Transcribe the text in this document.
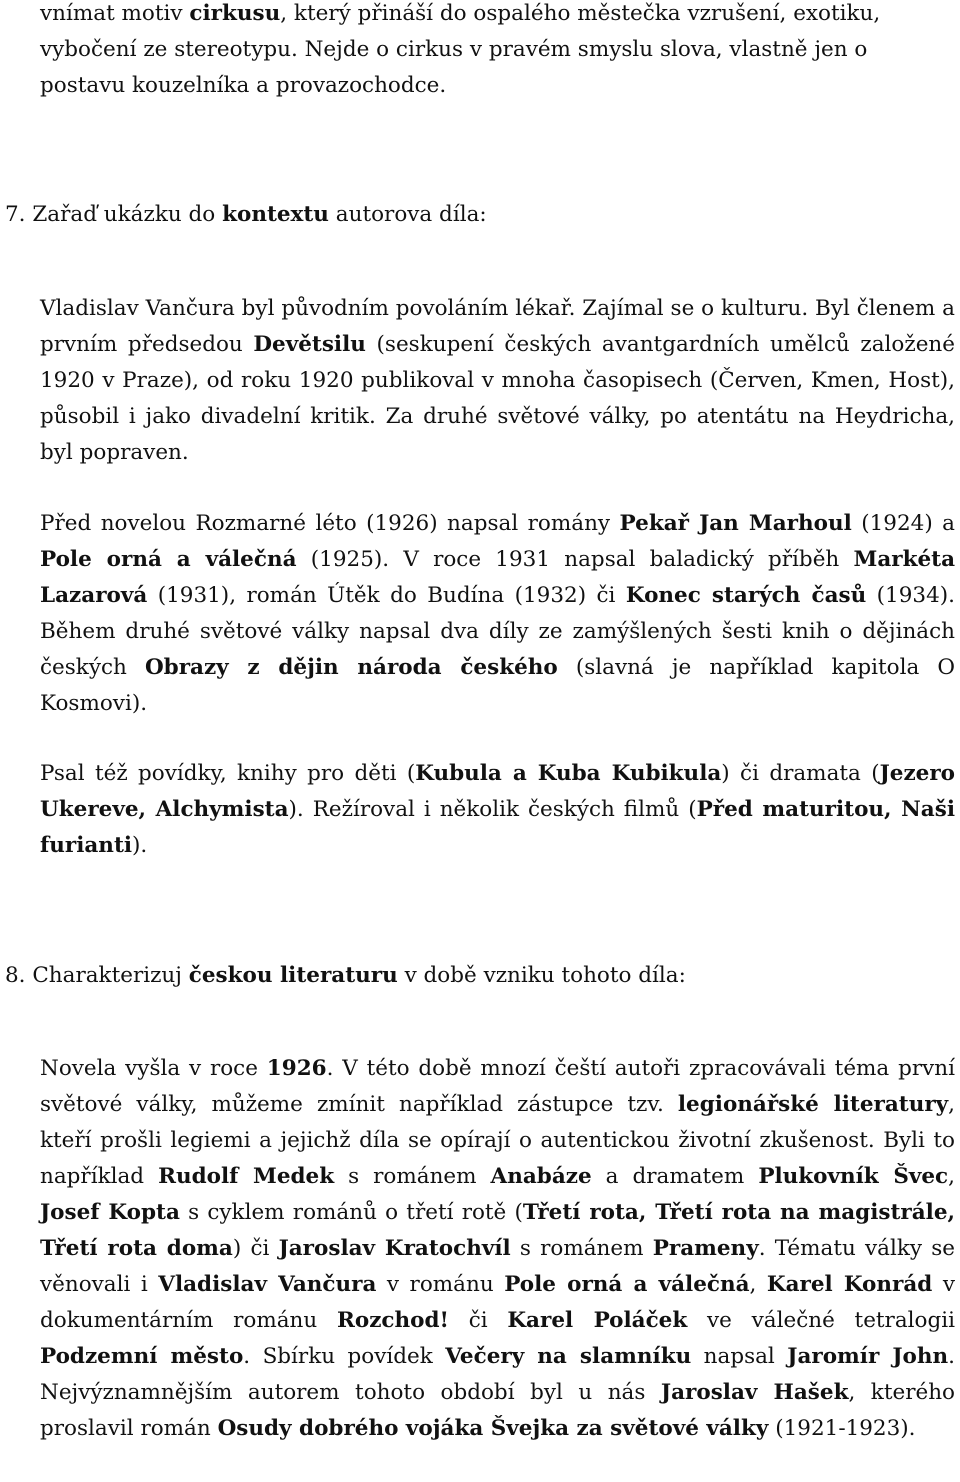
vnímat motiv cirkusu, který přináší do ospalého městečka vzrušení, exotiku,
vybočení ze stereotypu. Nejde o cirkus v pravém smyslu slova, vlastně jen o
postavu kouzelníka a provazochodce.
7. Zařaď ukázku do kontextu autorova díla:
Vladislav Vančura byl původním povoláním lékař. Zajímal se o kulturu. Byl členem a prvním předsedou Devětsilu (seskupení českých avantgardních umělců založené 1920 v Praze), od roku 1920 publikoval v mnoha časopisech (Červen, Kmen, Host), působil i jako divadelní kritik. Za druhé světové války, po atentátu na Heydricha, byl popraven.
Před novelou Rozmarné léto (1926) napsal romány Pekař Jan Marhoul (1924) a Pole orná a válečná (1925). V roce 1931 napsal baladický příběh Markéta Lazarová (1931), román Útěk do Budína (1932) či Konec starých časů (1934). Během druhé světové války napsal dva díly ze zamýšlených šesti knih o dějinách českých Obrazy z dějin národa českého (slavná je například kapitola O Kosmovi).
Psal též povídky, knihy pro děti (Kubula a Kuba Kubikula) či dramata (Jezero Ukereve, Alchymista). Režíroval i několik českých filmů (Před maturitou, Naši furianti).
8. Charakterizuj českou literaturu v době vzniku tohoto díla:
Novela vyšla v roce 1926. V této době mnozí čeští autoři zpracovávali téma první světové války, můžeme zmínit například zástupce tzv. legionářské literatury, kteří prošli legiemi a jejichž díla se opírají o autentickou životní zkušenost. Byli to například Rudolf Medek s románem Anabáze a dramatem Plukovník Švec, Josef Kopta s cyklem románů o třetí rotě (Třetí rota, Třetí rota na magistrále, Třetí rota doma) či Jaroslav Kratochvíl s románem Prameny. Tématu války se věnovali i Vladislav Vančura v románu Pole orná a válečná, Karel Konrád v dokumentárním románu Rozchod! či Karel Poláček ve válečné tetralogii Podzemní město. Sbírku povídek Večery na slamníku napsal Jaromír John. Nejvýznamnějším autorem tohoto období byl u nás Jaroslav Hašek, kterého proslavil román Osudy dobrého vojáka Švejka za světové války (1921-1923).
